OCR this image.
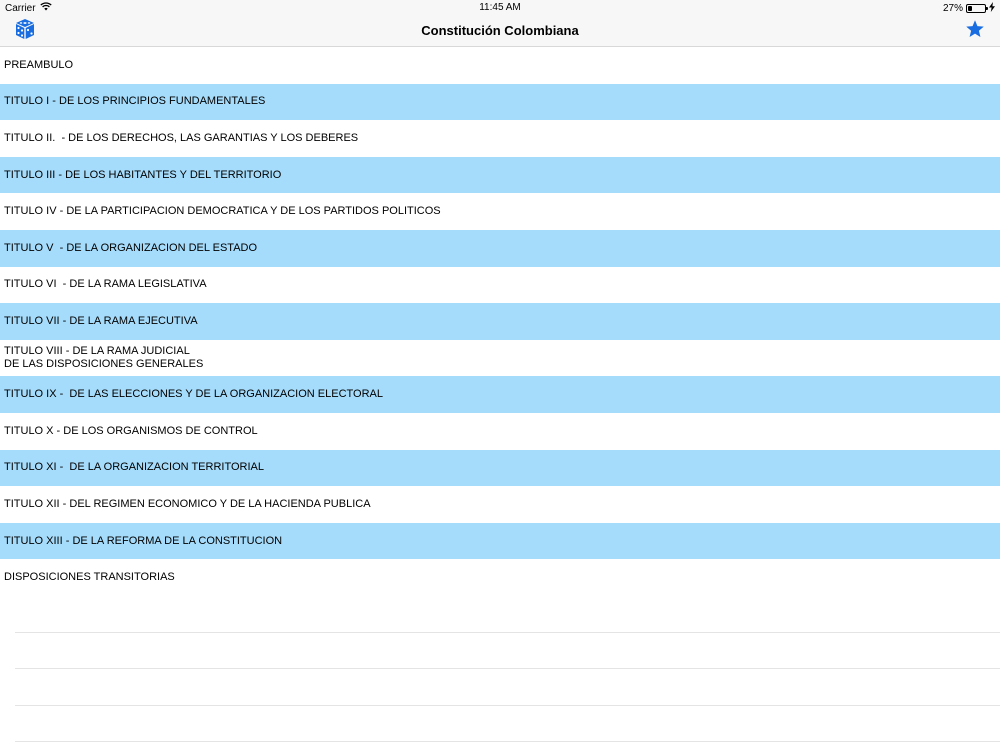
Carrier	11:45 AM	27%
Constitución Colombiana
PREAMBULO
TITULO I - DE LOS PRINCIPIOS FUNDAMENTALES
TITULO II.  - DE LOS DERECHOS, LAS GARANTIAS Y LOS DEBERES
TITULO III - DE LOS HABITANTES Y DEL TERRITORIO
TITULO IV - DE LA PARTICIPACION DEMOCRATICA Y DE LOS PARTIDOS POLITICOS
TITULO V  - DE LA ORGANIZACION DEL ESTADO
TITULO VI  - DE LA RAMA LEGISLATIVA
TITULO VII - DE LA RAMA EJECUTIVA
TITULO VIII - DE LA RAMA JUDICIAL
DE LAS DISPOSICIONES GENERALES
TITULO IX -  DE LAS ELECCIONES Y DE LA ORGANIZACION ELECTORAL
TITULO X - DE LOS ORGANISMOS DE CONTROL
TITULO XI -  DE LA ORGANIZACION TERRITORIAL
TITULO XII - DEL REGIMEN ECONOMICO Y DE LA HACIENDA PUBLICA
TITULO XIII - DE LA REFORMA DE LA CONSTITUCION
DISPOSICIONES TRANSITORIAS
